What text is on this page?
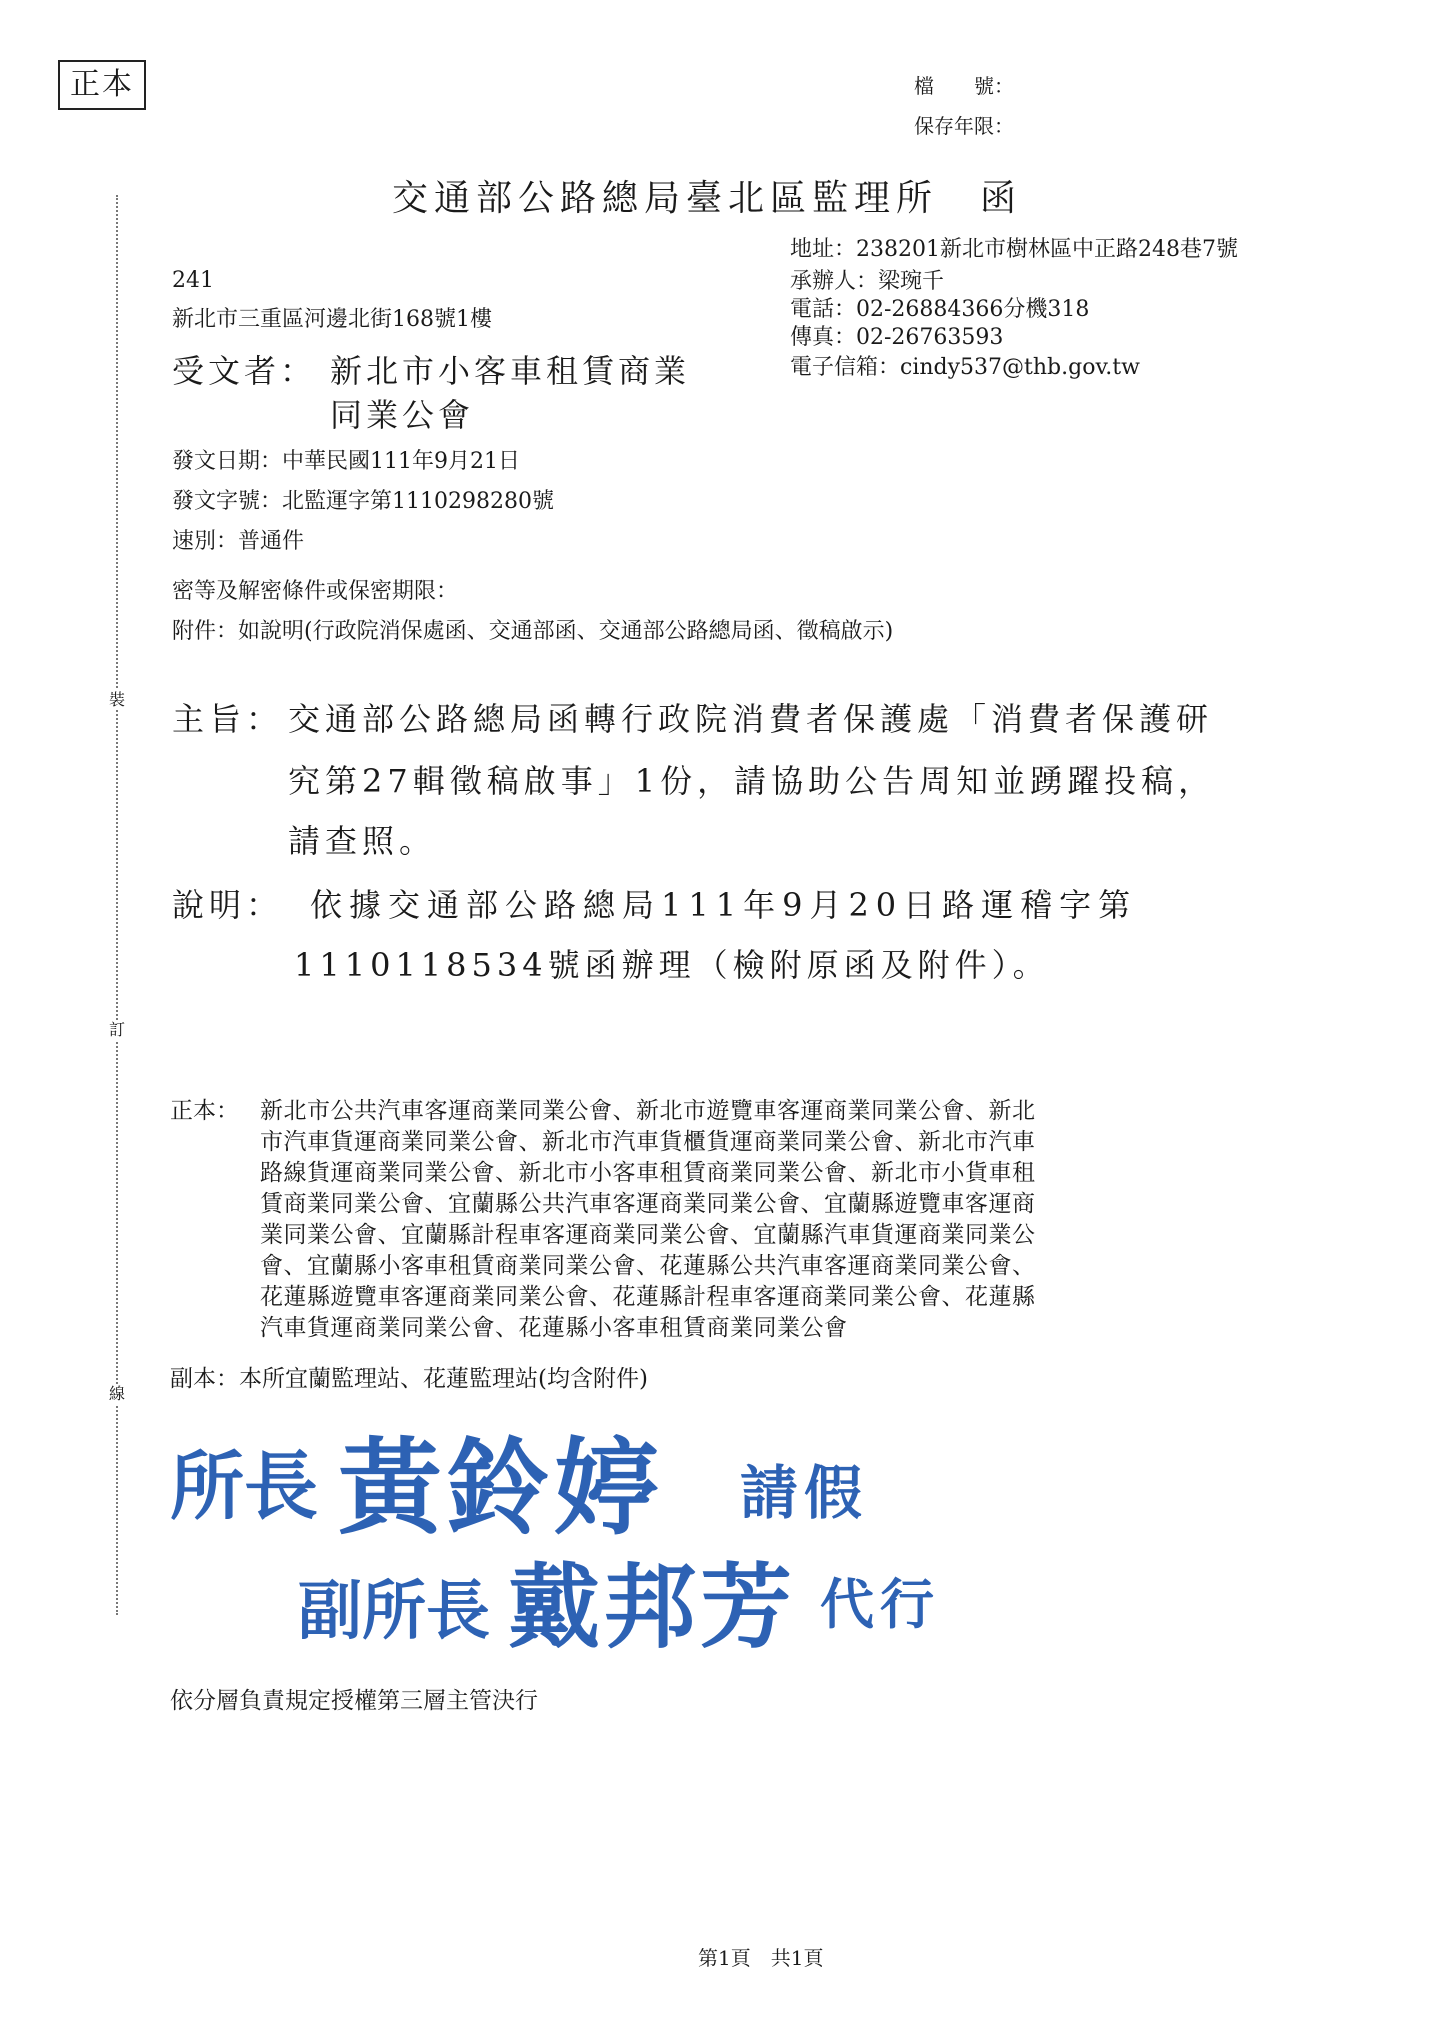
正本	檔　　號：
保存年限：
裝
訂
線
交通部公路總局臺北區監理所　函
地址：238201新北市樹林區中正路248巷7號
承辦人：梁琬千
電話：02-26884366分機318
傳真：02-26763593
電子信箱：cindy537@thb.gov.tw
241
新北市三重區河邊北街168號1樓
受文者： 新北市小客車租賃商業
同業公會
發文日期：中華民國111年9月21日
發文字號：北監運字第1110298280號
速別：普通件
密等及解密條件或保密期限：
附件：如說明(行政院消保處函、交通部函、交通部公路總局函、徵稿啟示)
主旨： 交通部公路總局函轉行政院消費者保護處「消費者保護研
究第27輯徵稿啟事」1份，請協助公告周知並踴躍投稿，
請查照。
說明： 依據交通部公路總局111年9月20日路運稽字第
1110118534號函辦理（檢附原函及附件）。
正本： 新北市公共汽車客運商業同業公會、新北市遊覽車客運商業同業公會、新北
市汽車貨運商業同業公會、新北市汽車貨櫃貨運商業同業公會、新北市汽車
路線貨運商業同業公會、新北市小客車租賃商業同業公會、新北市小貨車租
賃商業同業公會、宜蘭縣公共汽車客運商業同業公會、宜蘭縣遊覽車客運商
業同業公會、宜蘭縣計程車客運商業同業公會、宜蘭縣汽車貨運商業同業公
會、宜蘭縣小客車租賃商業同業公會、花蓮縣公共汽車客運商業同業公會、
花蓮縣遊覽車客運商業同業公會、花蓮縣計程車客運商業同業公會、花蓮縣
汽車貨運商業同業公會、花蓮縣小客車租賃商業同業公會
副本：本所宜蘭監理站、花蓮監理站(均含附件)
所長 黃鈴婷 請假
副所長 戴邦芳 代行
依分層負責規定授權第三層主管決行
第1頁　共1頁
